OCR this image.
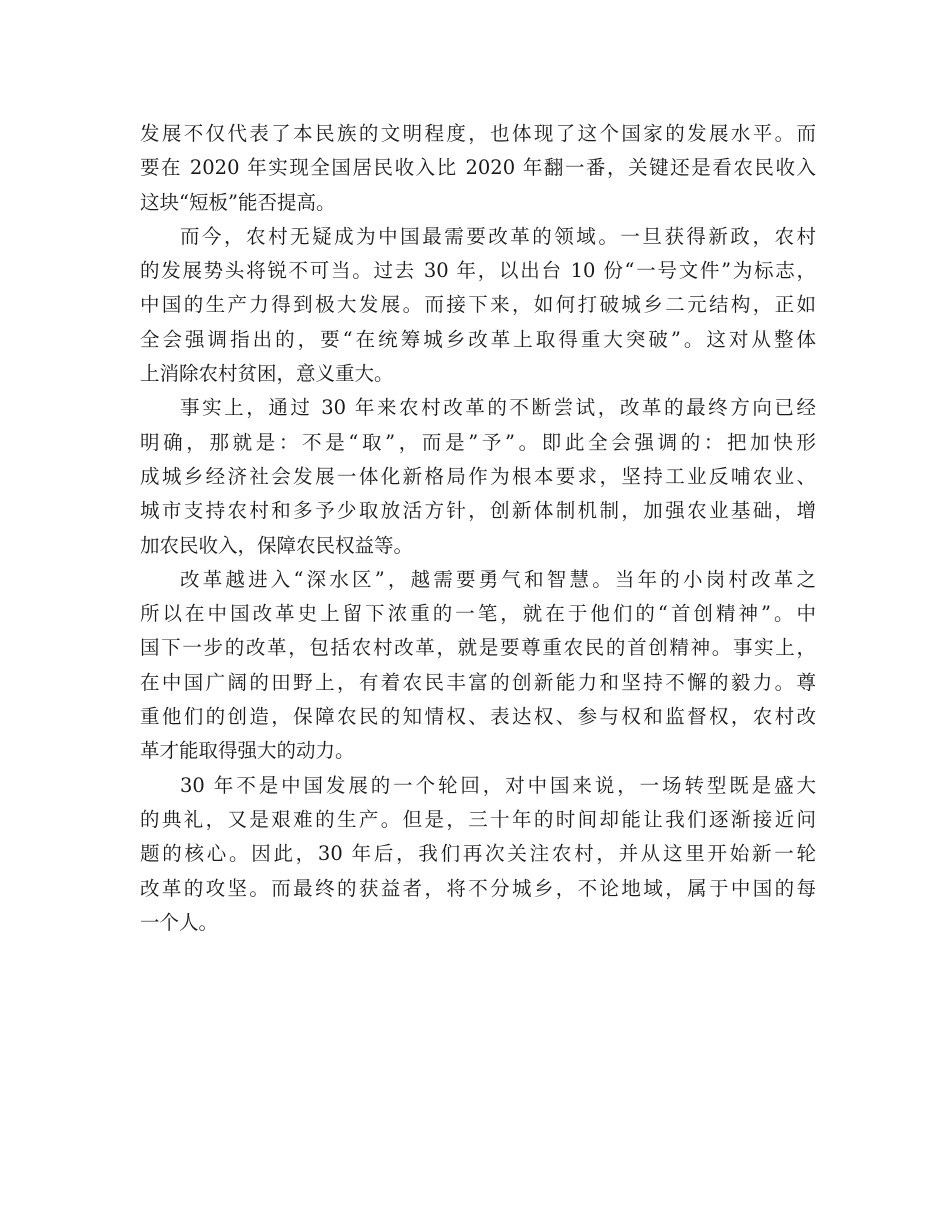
发展不仅代表了本民族的文明程度，也体现了这个国家的发展水平。而
要在 2020 年实现全国居民收入比 2020 年翻一番，关键还是看农民收入
这块“短板”能否提高。
而今，农村无疑成为中国最需要改革的领域。一旦获得新政，农村
的发展势头将锐不可当。过去 30 年，以出台 10 份“一号文件”为标志，
中国的生产力得到极大发展。而接下来，如何打破城乡二元结构，正如
全会强调指出的，要“在统筹城乡改革上取得重大突破”。这对从整体
上消除农村贫困，意义重大。
事实上，通过 30 年来农村改革的不断尝试，改革的最终方向已经
明确，那就是：不是“取”，而是”予”。即此全会强调的：把加快形
成城乡经济社会发展一体化新格局作为根本要求，坚持工业反哺农业、
城市支持农村和多予少取放活方针，创新体制机制，加强农业基础，增
加农民收入，保障农民权益等。
改革越进入“深水区”，越需要勇气和智慧。当年的小岗村改革之
所以在中国改革史上留下浓重的一笔，就在于他们的“首创精神”。中
国下一步的改革，包括农村改革，就是要尊重农民的首创精神。事实上，
在中国广阔的田野上，有着农民丰富的创新能力和坚持不懈的毅力。尊
重他们的创造，保障农民的知情权、表达权、参与权和监督权，农村改
革才能取得强大的动力。
30 年不是中国发展的一个轮回，对中国来说，一场转型既是盛大
的典礼，又是艰难的生产。但是，三十年的时间却能让我们逐渐接近问
题的核心。因此，30 年后，我们再次关注农村，并从这里开始新一轮
改革的攻坚。而最终的获益者，将不分城乡，不论地域，属于中国的每
一个人。
